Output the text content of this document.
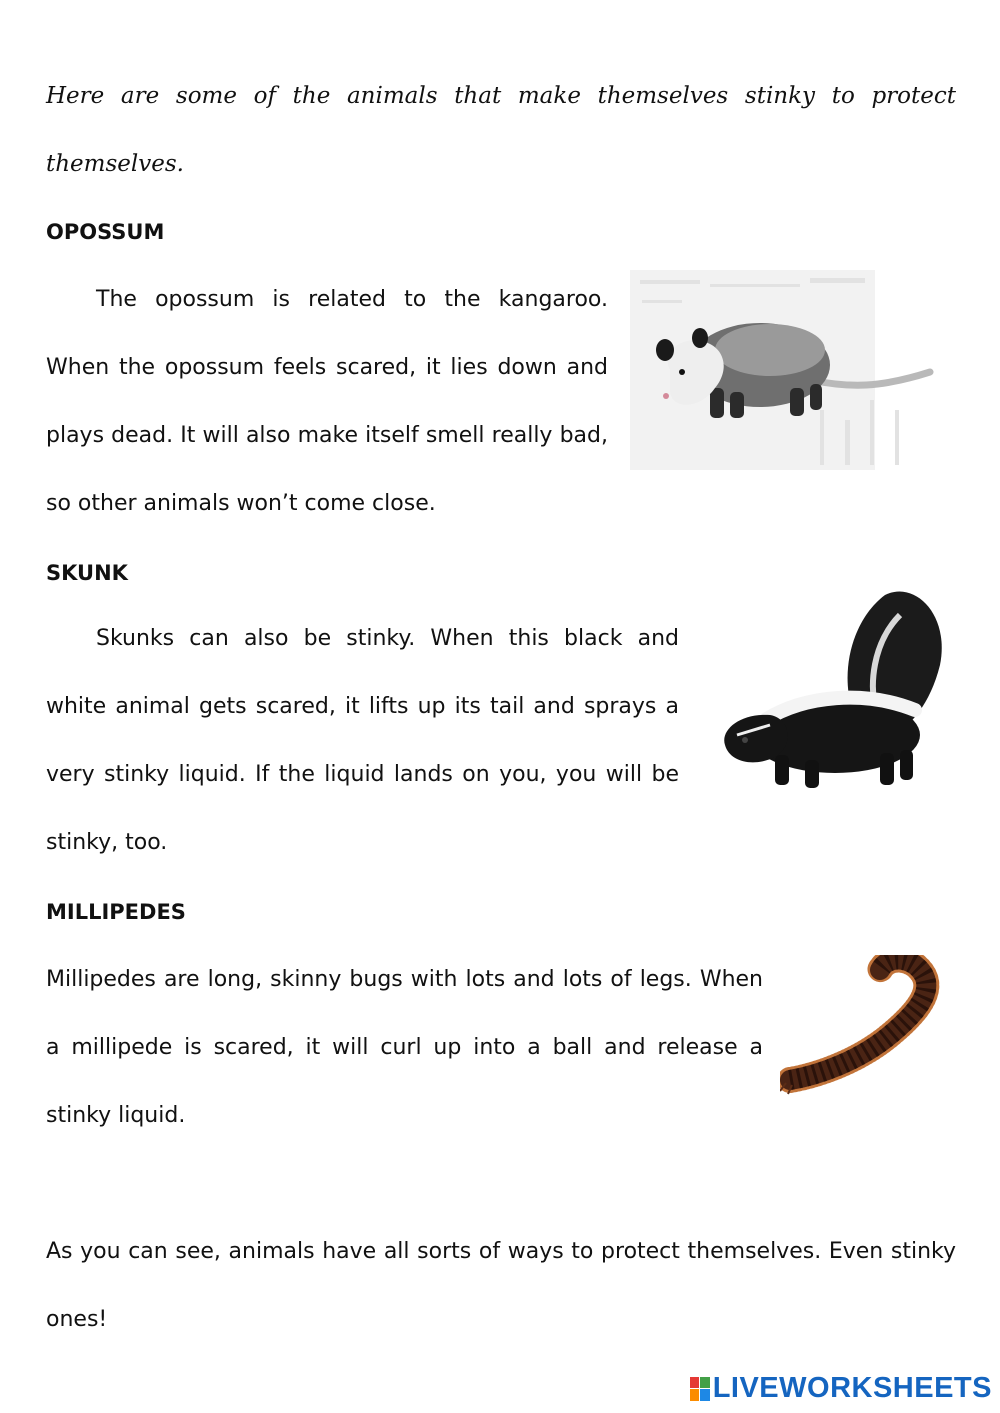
Here are some of the animals that make themselves stinky to protect themselves.

OPOSSUM

The opossum is related to the kangaroo. When the opossum feels scared, it lies down and plays dead. It will also make itself smell really bad, so other animals won’t come close.

SKUNK

Skunks can also be stinky. When this black and white animal gets scared, it lifts up its tail and sprays a very stinky liquid. If the liquid lands on you, you will be stinky, too.

MILLIPEDES

Millipedes are long, skinny bugs with lots and lots of legs. When a millipede is scared, it will curl up into a ball and release a stinky liquid.

As you can see, animals have all sorts of ways to protect themselves. Even stinky ones!

LIVEWORKSHEETS
